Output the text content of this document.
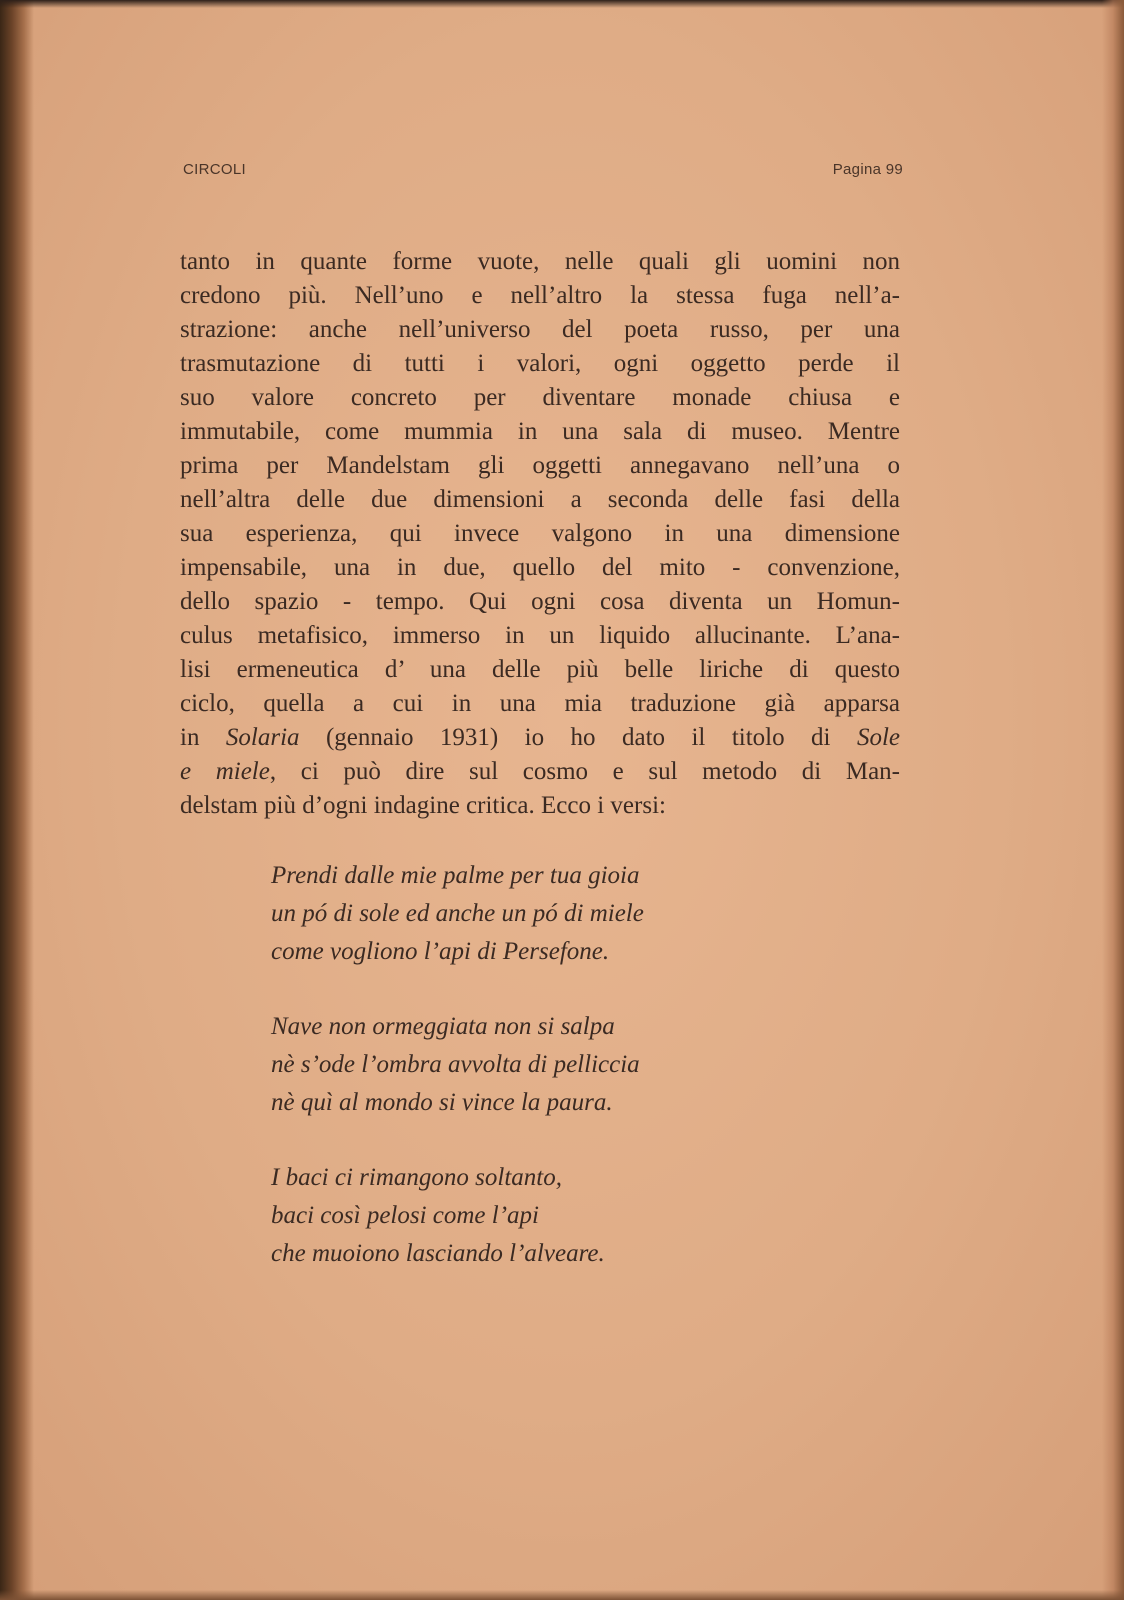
CIRCOLI	Pagina 99
tanto in quante forme vuote, nelle quali gli uomini non
credono più. Nell’uno e nell’altro la stessa fuga nell’a-
strazione: anche nell’universo del poeta russo, per una
trasmutazione di tutti i valori, ogni oggetto perde il
suo valore concreto per diventare monade chiusa e
immutabile, come mummia in una sala di museo. Mentre
prima per Mandelstam gli oggetti annegavano nell’una o
nell’altra delle due dimensioni a seconda delle fasi della
sua esperienza, qui invece valgono in una dimensione
impensabile, una in due, quello del mito - convenzione,
dello spazio - tempo. Qui ogni cosa diventa un Homun-
culus metafisico, immerso in un liquido allucinante. L’ana-
lisi ermeneutica d’ una delle più belle liriche di questo
ciclo, quella a cui in una mia traduzione già apparsa
in Solaria (gennaio 1931) io ho dato il titolo di Sole
e miele, ci può dire sul cosmo e sul metodo di Man-
delstam più d’ogni indagine critica. Ecco i versi:
Prendi dalle mie palme per tua gioia
un pó di sole ed anche un pó di miele
come vogliono l’api di Persefone.
Nave non ormeggiata non si salpa
nè s’ode l’ombra avvolta di pelliccia
nè quì al mondo si vince la paura.
I baci ci rimangono soltanto,
baci così pelosi come l’api
che muoiono lasciando l’alveare.
